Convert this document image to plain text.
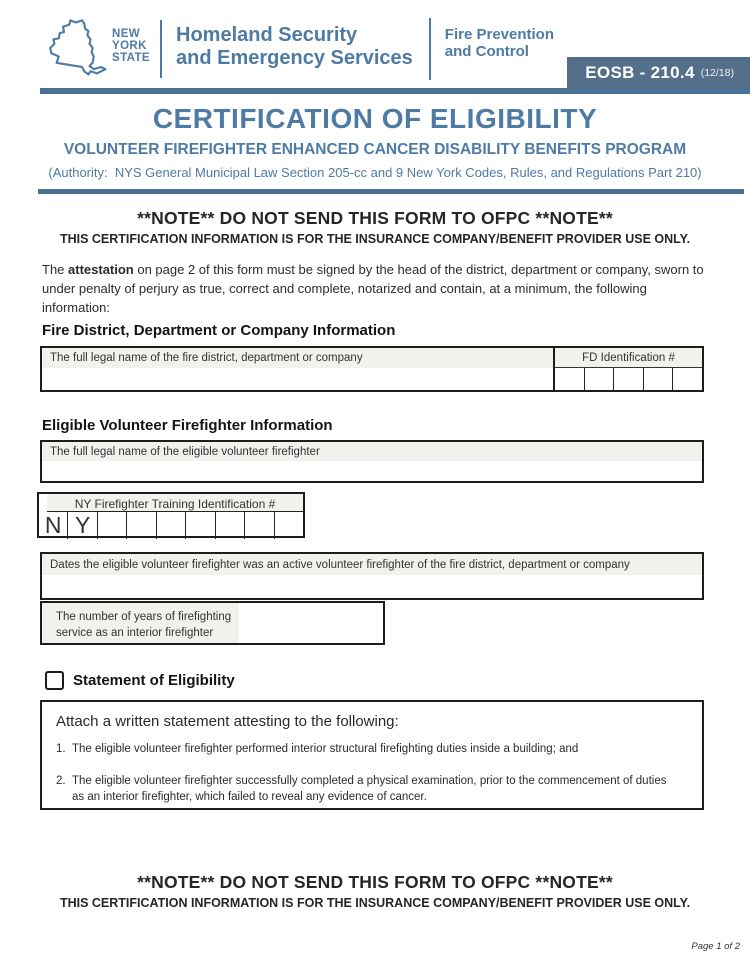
NEW
YORK
STATE
Homeland Security
and Emergency Services
Fire Prevention
and Control
EOSB - 210.4 (12/18)
CERTIFICATION OF ELIGIBILITY
VOLUNTEER FIREFIGHTER ENHANCED CANCER DISABILITY BENEFITS PROGRAM
(Authority:  NYS General Municipal Law Section 205-cc and 9 New York Codes, Rules, and Regulations Part 210)
**NOTE** DO NOT SEND THIS FORM TO OFPC **NOTE**
THIS CERTIFICATION INFORMATION IS FOR THE INSURANCE COMPANY/BENEFIT PROVIDER USE ONLY.
The attestation on page 2 of this form must be signed by the head of the district, department or company, sworn to under penalty of perjury as true, correct and complete, notarized and contain, at a minimum, the following information:
Fire District, Department or Company Information
The full legal name of the fire district, department or company	FD Identification #
Eligible Volunteer Firefighter Information
The full legal name of the eligible volunteer firefighter
NY Firefighter Training Identification #
N Y
Dates the eligible volunteer firefighter was an active volunteer firefighter of the fire district, department or company
The number of years of firefighting service as an interior firefighter
Statement of Eligibility
Attach a written statement attesting to the following:
1. The eligible volunteer firefighter performed interior structural firefighting duties inside a building; and
2. The eligible volunteer firefighter successfully completed a physical examination, prior to the commencement of duties as an interior firefighter, which failed to reveal any evidence of cancer.
**NOTE** DO NOT SEND THIS FORM TO OFPC **NOTE**
THIS CERTIFICATION INFORMATION IS FOR THE INSURANCE COMPANY/BENEFIT PROVIDER USE ONLY.
Page 1 of 2
